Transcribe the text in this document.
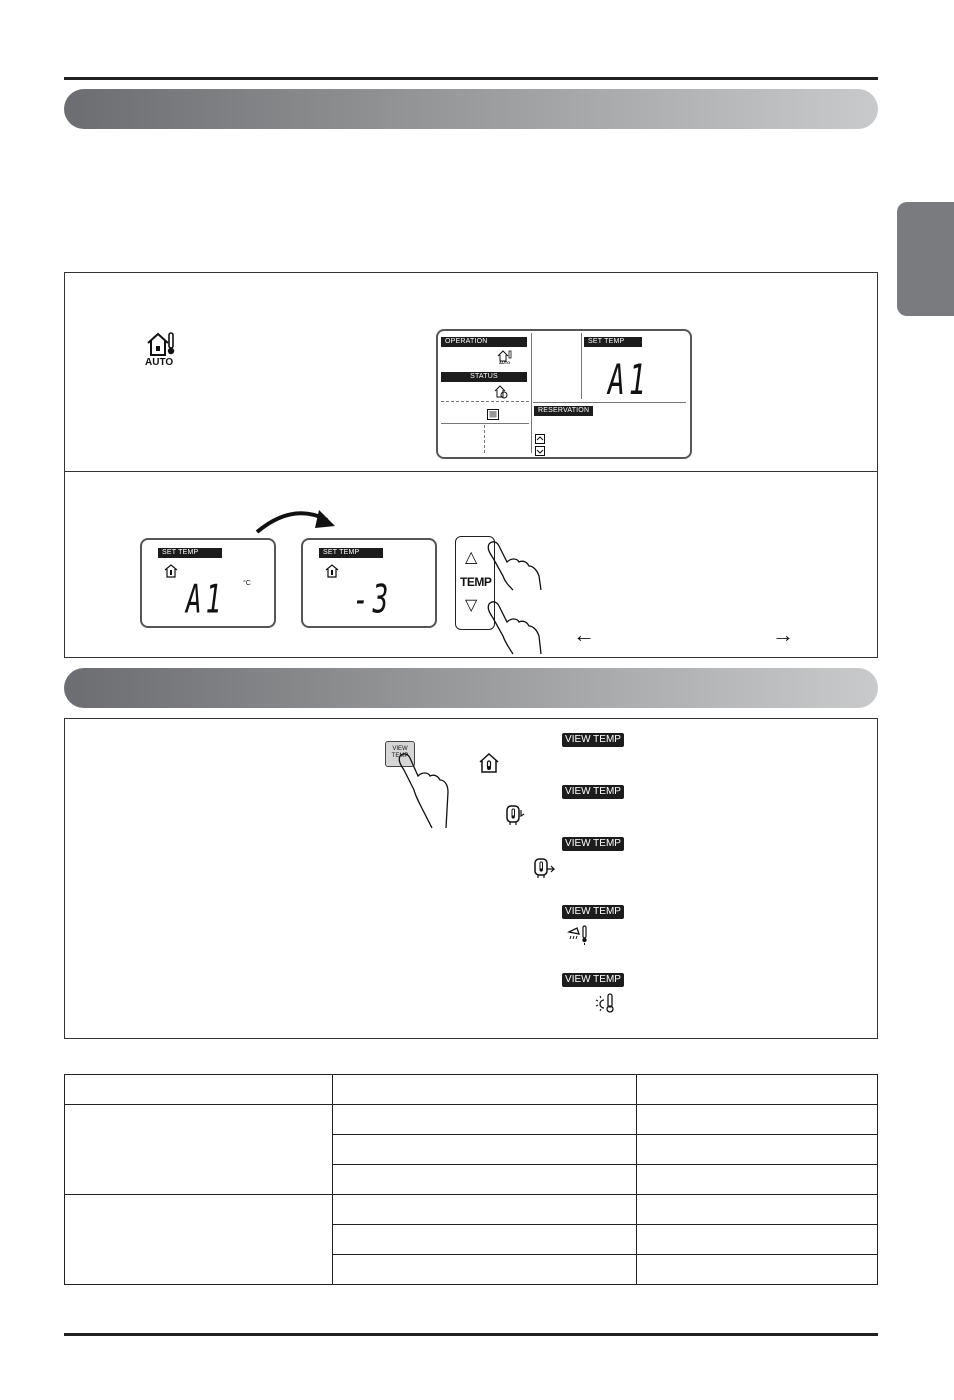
AUTO
OPERATION
AUTO
STATUS
SET TEMP
A1
RESERVATION
SET TEMP
A1	°C
SET TEMP
-3
△
TEMP
▽
←	→
VIEW
TEMP
VIEW TEMP
VIEW TEMP
VIEW TEMP
VIEW TEMP
VIEW TEMP
